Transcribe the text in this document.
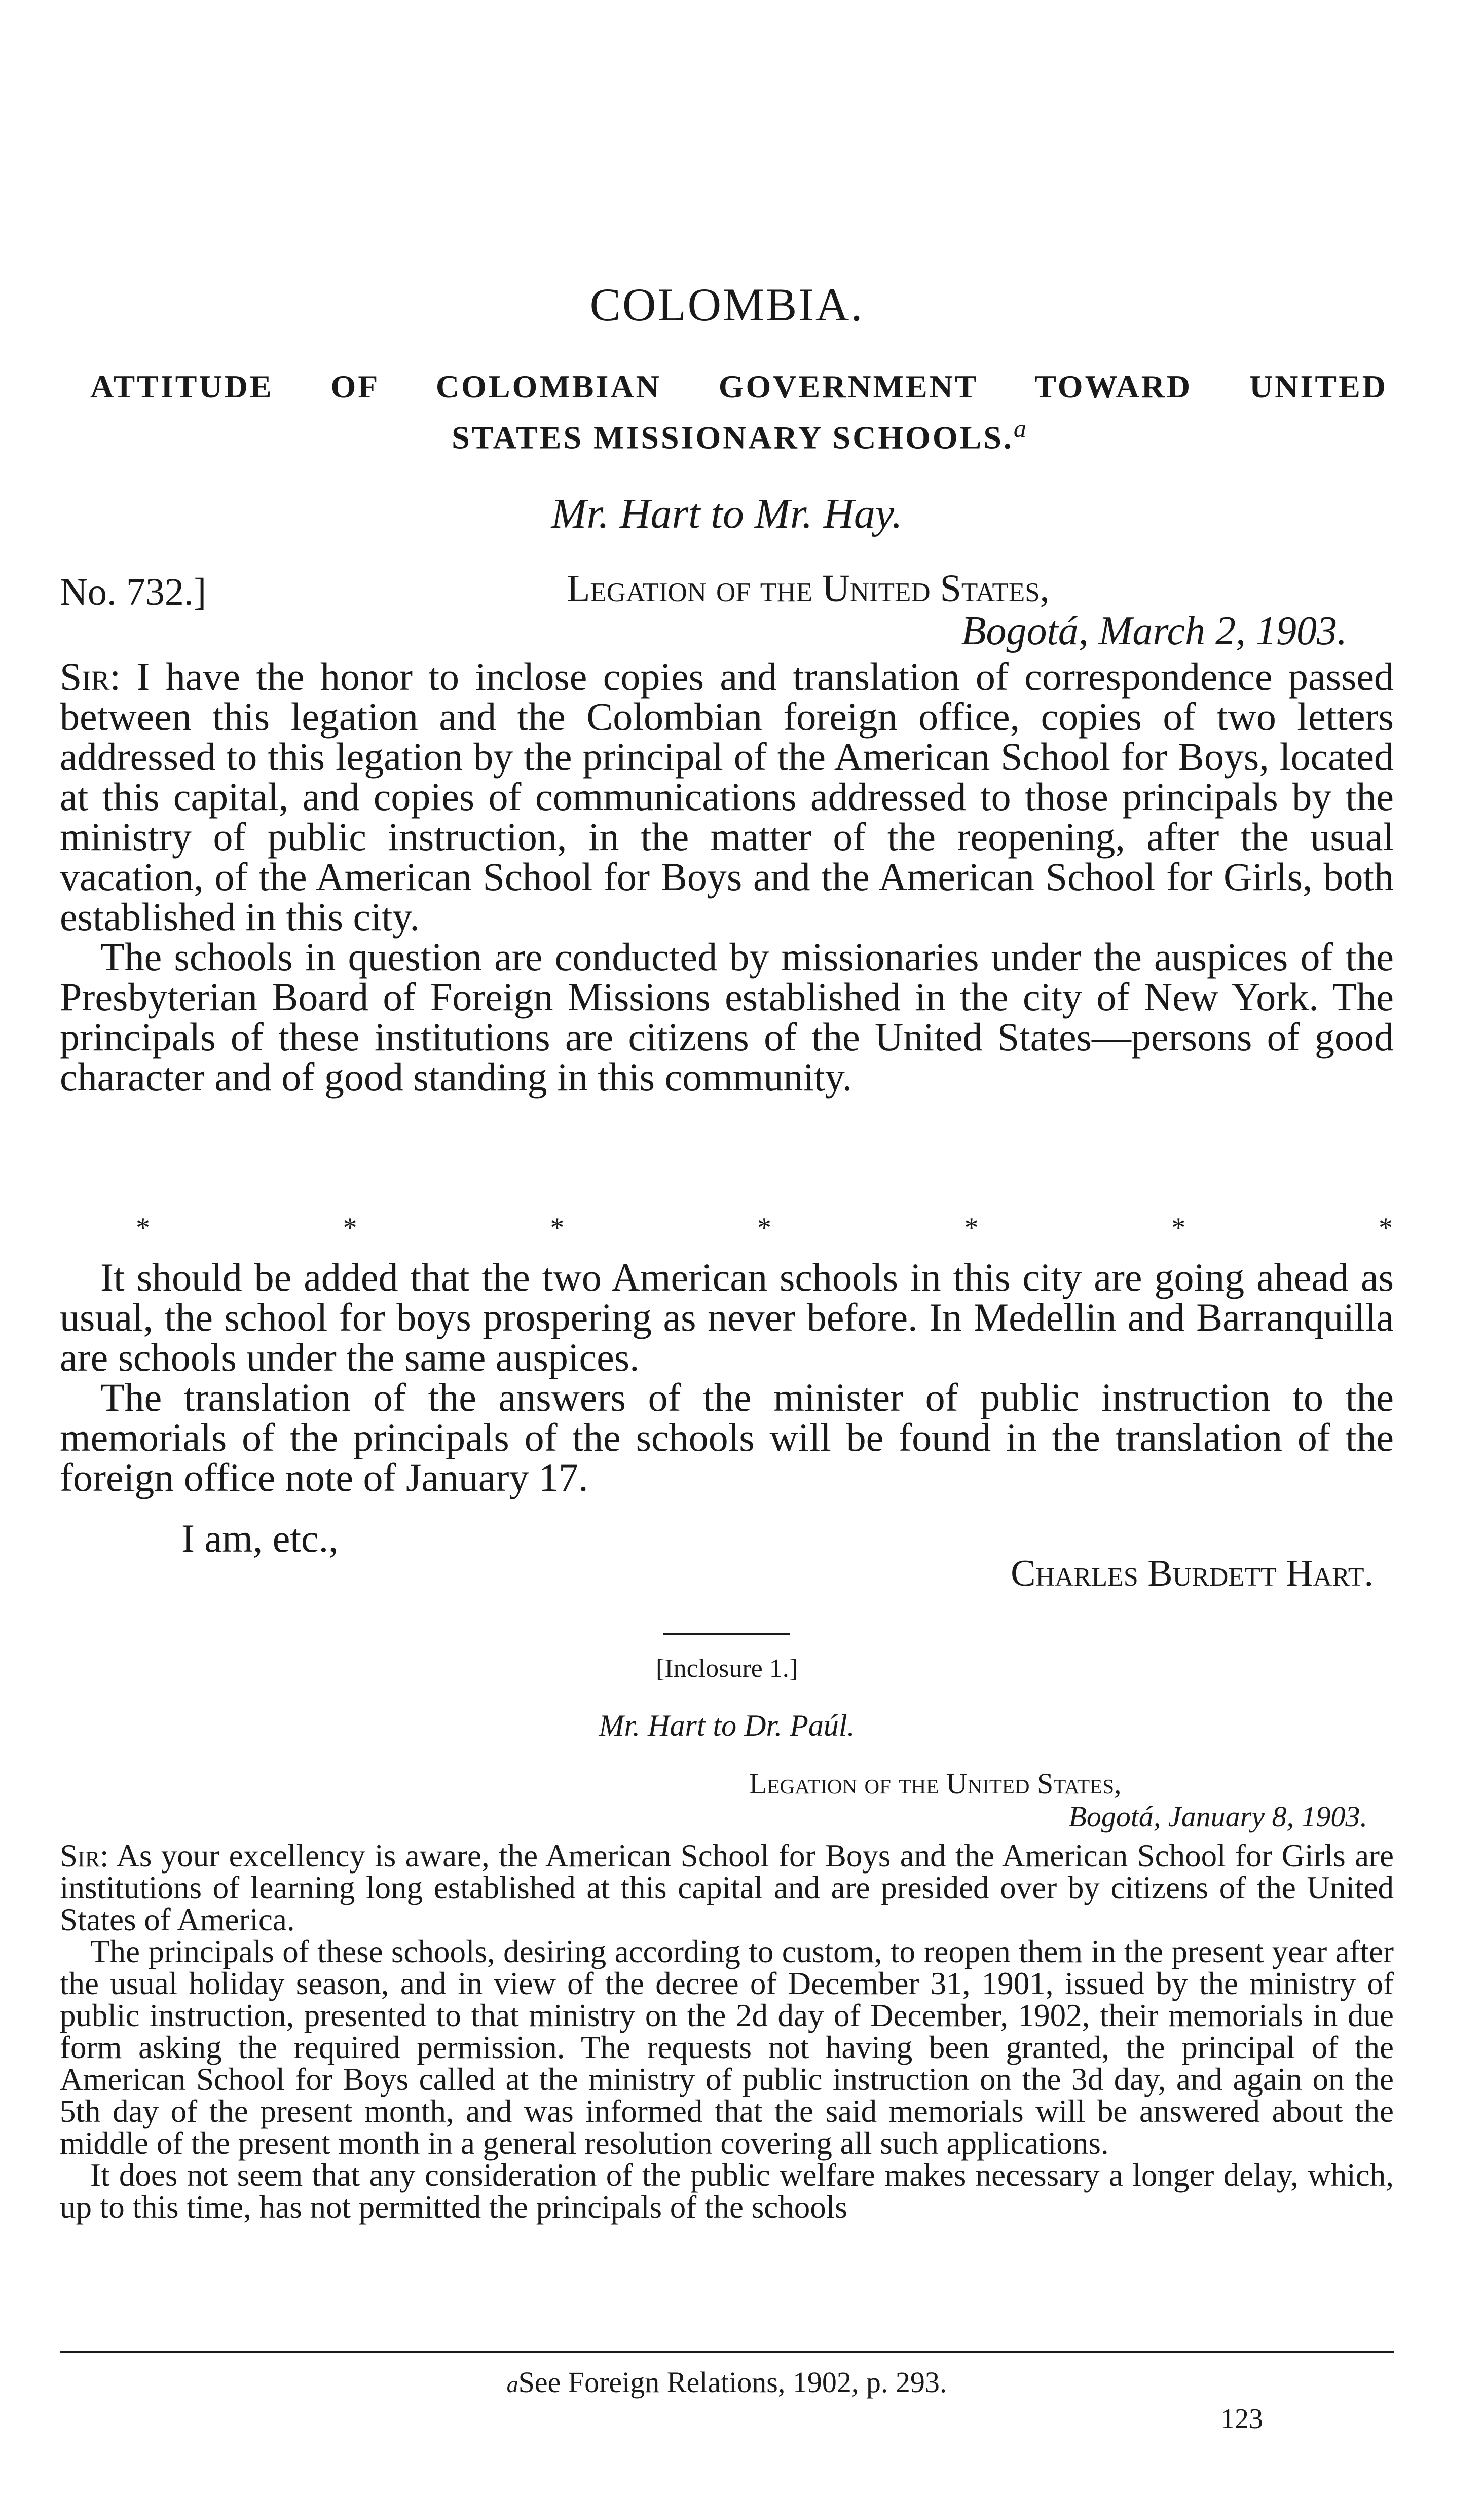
COLOMBIA.
ATTITUDE OF COLOMBIAN GOVERNMENT TOWARD UNITED
STATES MISSIONARY SCHOOLS.$^a$
Mr. Hart to Mr. Hay.
No. 732.]	Legation of the United States,
Bogotá, March 2, 1903.

Sir: I have the honor to inclose copies and translation of correspondence passed between this legation and the Colombian foreign office, copies of two letters addressed to this legation by the principal of the American School for Boys, located at this capital, and copies of communications addressed to those principals by the ministry of public instruction, in the matter of the reopening, after the usual vacation, of the American School for Boys and the American School for Girls, both established in this city.

The schools in question are conducted by missionaries under the auspices of the Presbyterian Board of Foreign Missions established in the city of New York. The principals of these institutions are citizens of the United States—persons of good character and of good standing in this community.

*	*	*	*	*	*	*

It should be added that the two American schools in this city are going ahead as usual, the school for boys prospering as never before. In Medellin and Barranquilla are schools under the same auspices.

The translation of the answers of the minister of public instruction to the memorials of the principals of the schools will be found in the translation of the foreign office note of January 17.

I am, etc.,
Charles Burdett Hart.
[Inclosure 1.]
Mr. Hart to Dr. Paúl.
Legation of the United States,
Bogotá, January 8, 1903.

Sir: As your excellency is aware, the American School for Boys and the American School for Girls are institutions of learning long established at this capital and are presided over by citizens of the United States of America.

The principals of these schools, desiring according to custom, to reopen them in the present year after the usual holiday season, and in view of the decree of December 31, 1901, issued by the ministry of public instruction, presented to that ministry on the 2d day of December, 1902, their memorials in due form asking the required permission. The requests not having been granted, the principal of the American School for Boys called at the ministry of public instruction on the 3d day, and again on the 5th day of the present month, and was informed that the said memorials will be answered about the middle of the present month in a general resolution covering all such applications.

It does not seem that any consideration of the public welfare makes necessary a longer delay, which, up to this time, has not permitted the principals of the schools

aSee Foreign Relations, 1902, p. 293.
123
